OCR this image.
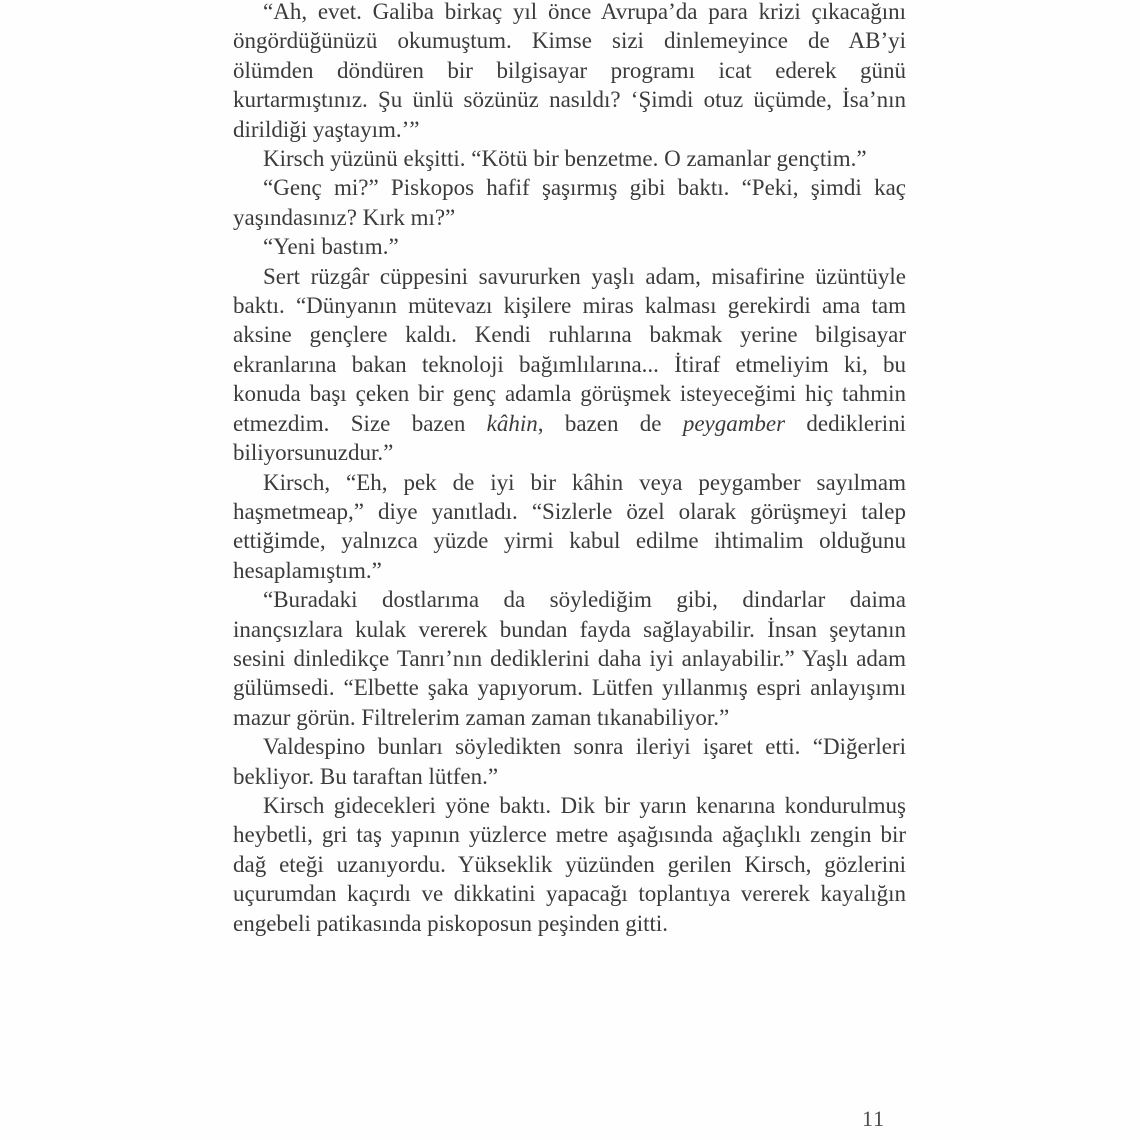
“Ah, evet. Galiba birkaç yıl önce Avrupa’da para krizi çıkacağını öngördüğünüzü okumuştum. Kimse sizi dinlemeyince de AB’yi ölümden döndüren bir bilgisayar programı icat ederek günü kurtarmıştınız. Şu ünlü sözünüz nasıldı? ‘Şimdi otuz üçümde, İsa’nın dirildiği yaştayım.’”

Kirsch yüzünü ekşitti. “Kötü bir benzetme. O zamanlar gençtim.”

“Genç mi?” Piskopos hafif şaşırmış gibi baktı. “Peki, şimdi kaç yaşındasınız? Kırk mı?”

“Yeni bastım.”

Sert rüzgâr cüppesini savururken yaşlı adam, misafirine üzüntüyle baktı. “Dünyanın mütevazı kişilere miras kalması gerekirdi ama tam aksine gençlere kaldı. Kendi ruhlarına bakmak yerine bilgisayar ekranlarına bakan teknoloji bağımlılarına... İtiraf etmeliyim ki, bu konuda başı çeken bir genç adamla görüşmek isteyeceğimi hiç tahmin etmezdim. Size bazen kâhin, bazen de peygamber dediklerini biliyorsunuzdur.”

Kirsch, “Eh, pek de iyi bir kâhin veya peygamber sayılmam haşmetmeap,” diye yanıtladı. “Sizlerle özel olarak görüşmeyi talep ettiğimde, yalnızca yüzde yirmi kabul edilme ihtimalim olduğunu hesaplamıştım.”

“Buradaki dostlarıma da söylediğim gibi, dindarlar daima inançsızlara kulak vererek bundan fayda sağlayabilir. İnsan şeytanın sesini dinledikçe Tanrı’nın dediklerini daha iyi anlayabilir.” Yaşlı adam gülümsedi. “Elbette şaka yapıyorum. Lütfen yıllanmış espri anlayışımı mazur görün. Filtrelerim zaman zaman tıkanabiliyor.”

Valdespino bunları söyledikten sonra ileriyi işaret etti. “Diğerleri bekliyor. Bu taraftan lütfen.”

Kirsch gidecekleri yöne baktı. Dik bir yarın kenarına kondurulmuş heybetli, gri taş yapının yüzlerce metre aşağısında ağaçlıklı zengin bir dağ eteği uzanıyordu. Yükseklik yüzünden gerilen Kirsch, gözlerini uçurumdan kaçırdı ve dikkatini yapacağı toplantıya vererek kayalığın engebeli patikasında piskoposun peşinden gitti.

11
